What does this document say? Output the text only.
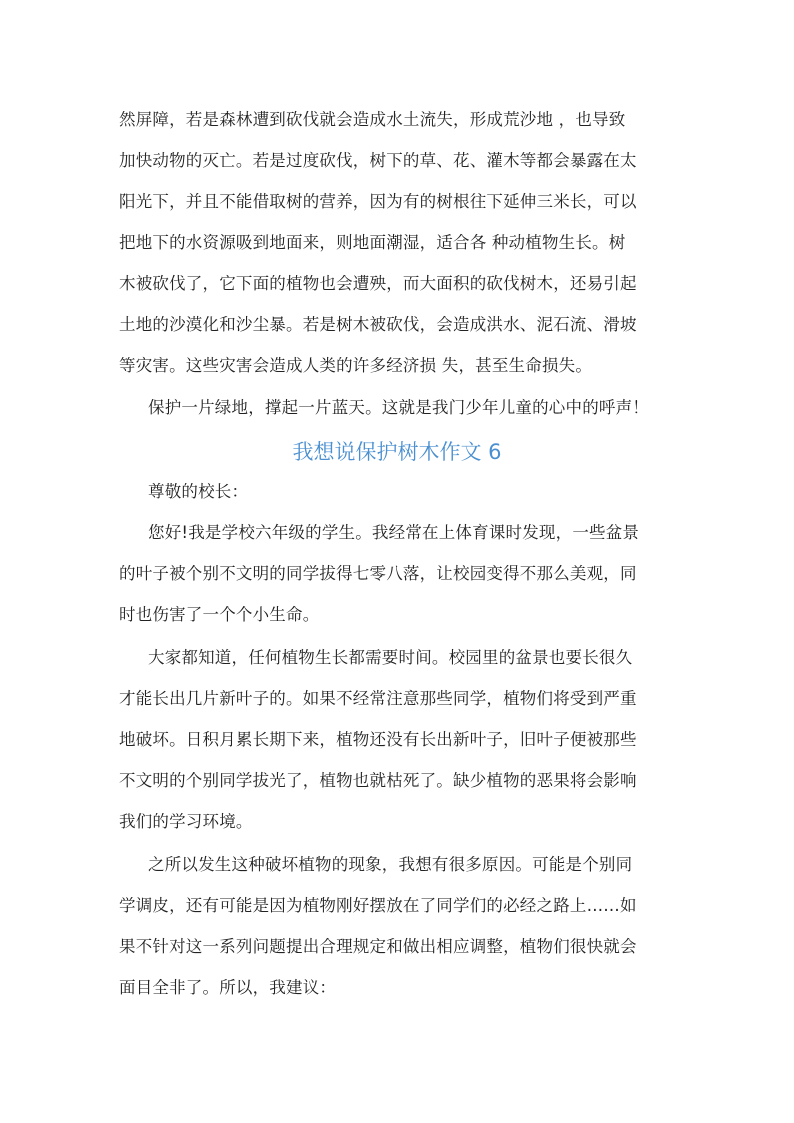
然屏障，若是森林遭到砍伐就会造成水土流失，形成荒沙地 ，也导致
加快动物的灭亡。若是过度砍伐，树下的草、花、灌木等都会暴露在太
阳光下，并且不能借取树的营养，因为有的树根往下延伸三米长，可以
把地下的水资源吸到地面来，则地面潮湿，适合各 种动植物生长。树
木被砍伐了，它下面的植物也会遭殃，而大面积的砍伐树木，还易引起
土地的沙漠化和沙尘暴。若是树木被砍伐，会造成洪水、泥石流、滑坡
等灾害。这些灾害会造成人类的许多经济损 失，甚至生命损失。
保护一片绿地，撑起一片蓝天。这就是我门少年儿童的心中的呼声！
我想说保护树木作文 6
尊敬的校长：
您好!我是学校六年级的学生。我经常在上体育课时发现，一些盆景
的叶子被个别不文明的同学拔得七零八落，让校园变得不那么美观，同
时也伤害了一个个小生命。
大家都知道，任何植物生长都需要时间。校园里的盆景也要长很久
才能长出几片新叶子的。如果不经常注意那些同学，植物们将受到严重
地破坏。日积月累长期下来，植物还没有长出新叶子，旧叶子便被那些
不文明的个别同学拔光了，植物也就枯死了。缺少植物的恶果将会影响
我们的学习环境。
之所以发生这种破坏植物的现象，我想有很多原因。可能是个别同
学调皮，还有可能是因为植物刚好摆放在了同学们的必经之路上……如
果不针对这一系列问题提出合理规定和做出相应调整，植物们很快就会
面目全非了。所以，我建议：
